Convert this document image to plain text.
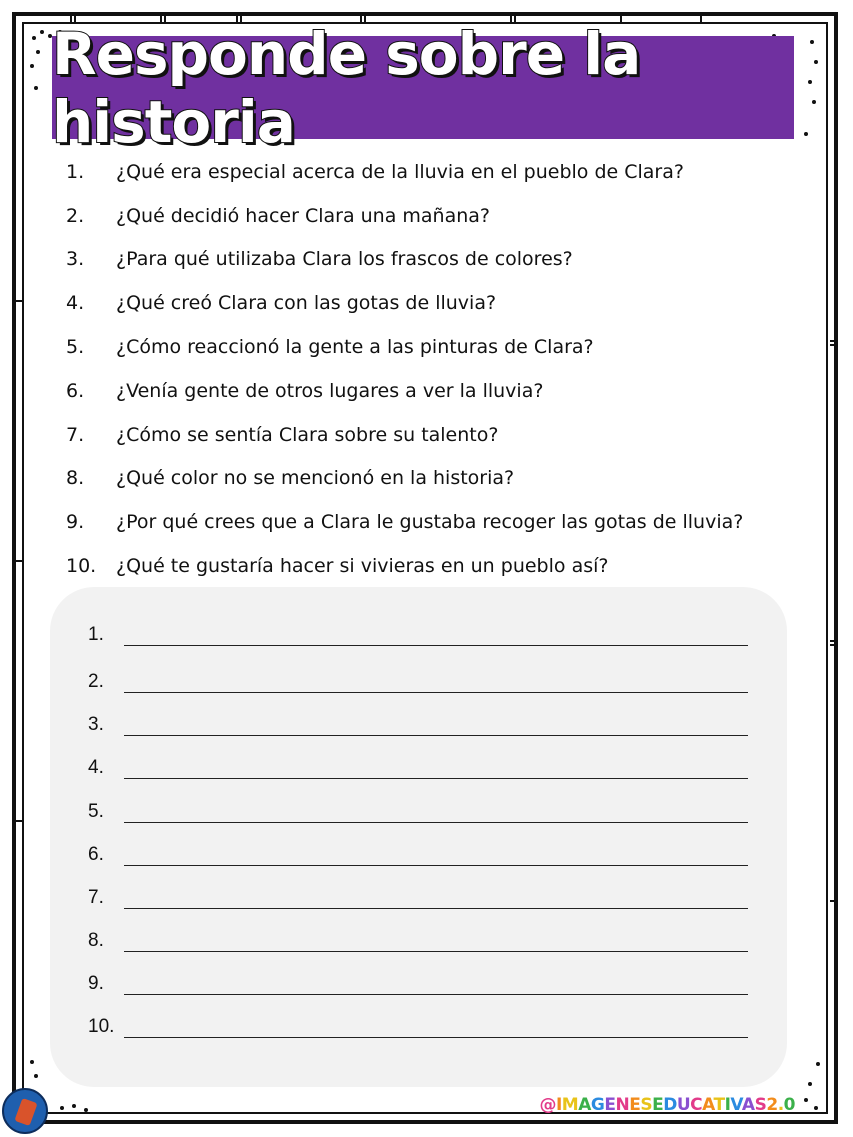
Responde sobre la historia
1.	¿Qué era especial acerca de la lluvia en el pueblo de Clara?
2.	¿Qué decidió hacer Clara una mañana?
3.	¿Para qué utilizaba Clara los frascos de colores?
4.	¿Qué creó Clara con las gotas de lluvia?
5.	¿Cómo reaccionó la gente a las pinturas de Clara?
6.	¿Venía gente de otros lugares a ver la lluvia?
7.	¿Cómo se sentía Clara sobre su talento?
8.	¿Qué color no se mencionó en la historia?
9.	¿Por qué crees que a Clara le gustaba recoger las gotas de lluvia?
10.	¿Qué te gustaría hacer si vivieras en un pueblo así?
1.
2.
3.
4.
5.
6.
7.
8.
9.
10.
@IMAGENESEDUCATIVAS2.0
